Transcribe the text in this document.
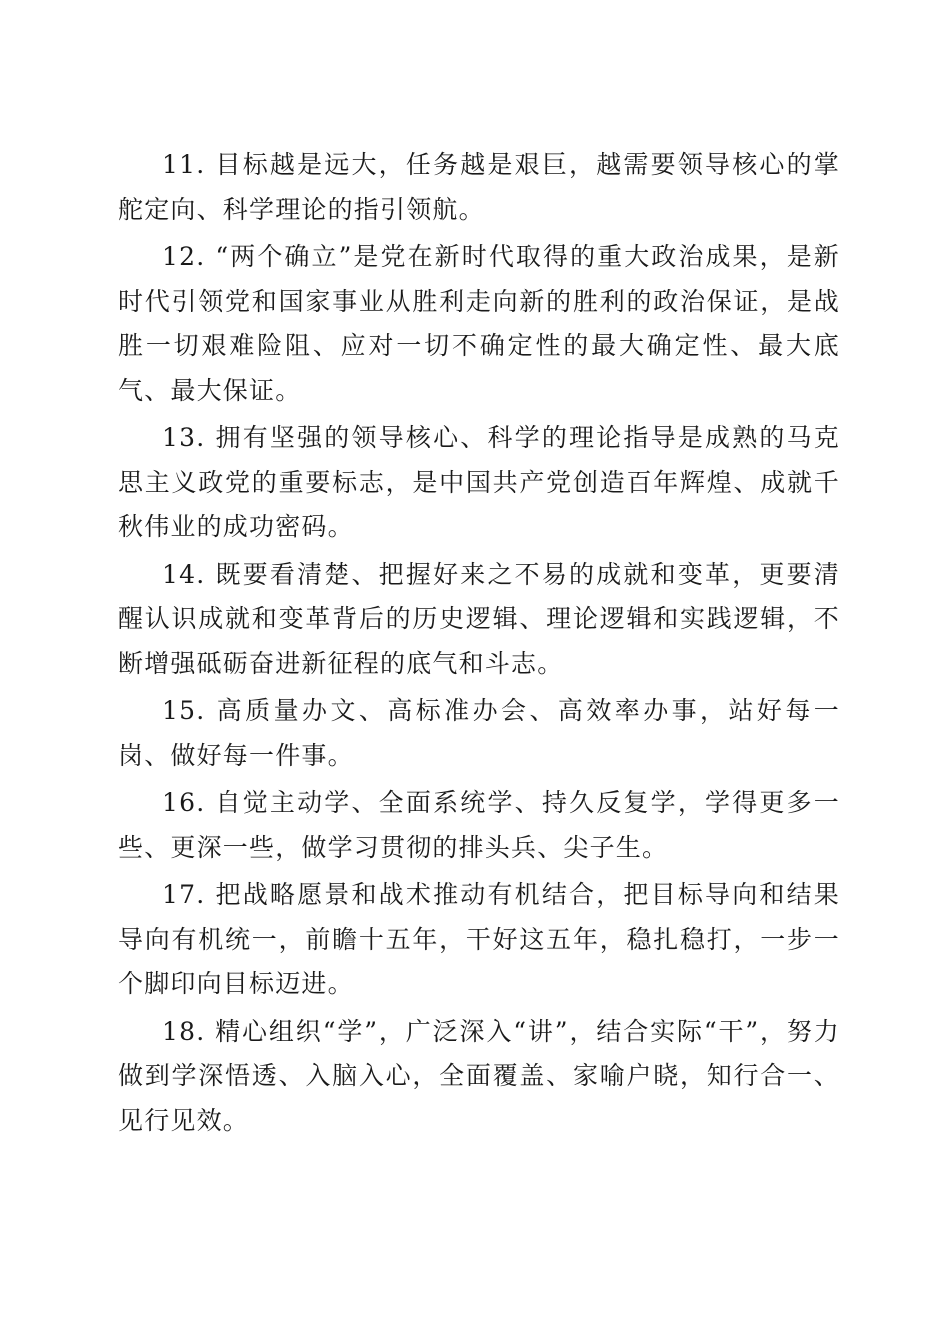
11. 目标越是远大，任务越是艰巨，越需要领导核心的掌舵定向、科学理论的指引领航。

12. “两个确立”是党在新时代取得的重大政治成果，是新时代引领党和国家事业从胜利走向新的胜利的政治保证，是战胜一切艰难险阻、应对一切不确定性的最大确定性、最大底气、最大保证。

13. 拥有坚强的领导核心、科学的理论指导是成熟的马克思主义政党的重要标志，是中国共产党创造百年辉煌、成就千秋伟业的成功密码。

14. 既要看清楚、把握好来之不易的成就和变革，更要清醒认识成就和变革背后的历史逻辑、理论逻辑和实践逻辑，不断增强砥砺奋进新征程的底气和斗志。

15. 高质量办文、高标准办会、高效率办事，站好每一岗、做好每一件事。

16. 自觉主动学、全面系统学、持久反复学，学得更多一些、更深一些，做学习贯彻的排头兵、尖子生。

17. 把战略愿景和战术推动有机结合，把目标导向和结果导向有机统一，前瞻十五年，干好这五年，稳扎稳打，一步一个脚印向目标迈进。

18. 精心组织“学”，广泛深入“讲”，结合实际“干”，努力做到学深悟透、入脑入心，全面覆盖、家喻户晓，知行合一、见行见效。
